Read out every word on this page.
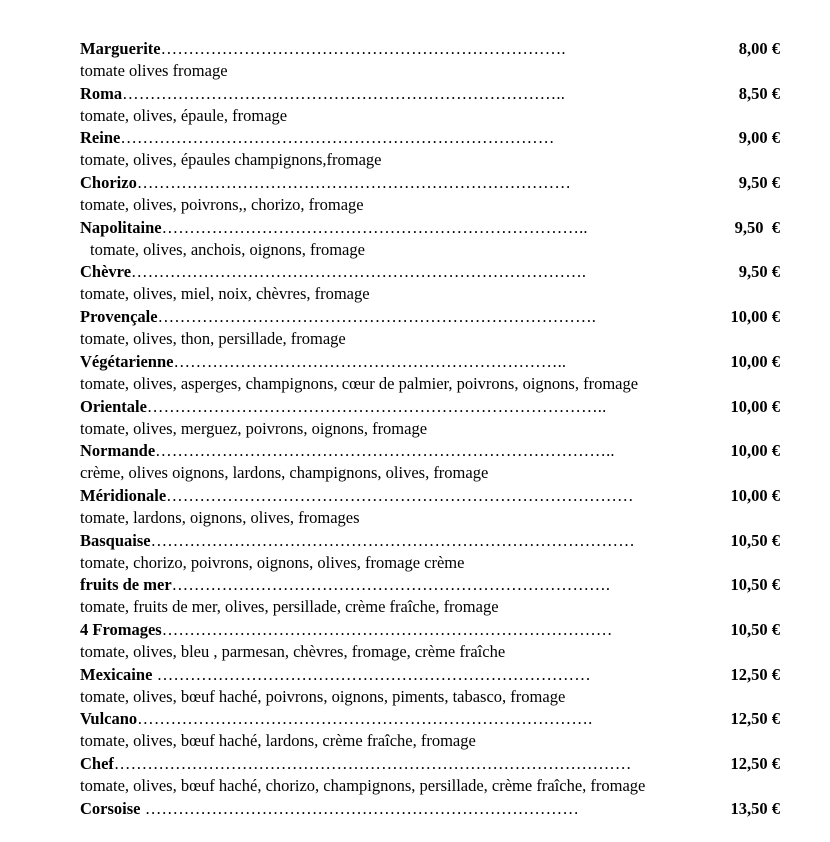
Marguerite……………………………………………………………….	8,00 €
tomate olives fromage
Roma……………………………………………………………………..	8,50 €
tomate, olives, épaule, fromage
Reine……………………………………………………………………	9,00 €
tomate, olives, épaules champignons,fromage
Chorizo……………………………………………………………………	9,50 €
tomate, olives, poivrons,, chorizo, fromage
Napolitaine…………………………………………………………………..	9,50  €
tomate, olives, anchois, oignons, fromage
Chèvre……………………………………………………………………….	9,50 €
tomate, olives, miel, noix, chèvres, fromage
Provençale…………………………………………………………………….	10,00 €
tomate, olives, thon, persillade, fromage
Végétarienne……………………………………………………………..	10,00 €
tomate, olives, asperges, champignons, cœur de palmier, poivrons, oignons, fromage
Orientale………………………………………………………………………..	10,00 €
tomate, olives, merguez, poivrons, oignons, fromage
Normande………………………………………………………………………..	10,00 €
crème, olives oignons, lardons, champignons, olives, fromage
Méridionale…………………………………………………………………………	10,00 €
tomate, lardons, oignons, olives, fromages
Basquaise……………………………………………………………………………	10,50 €
tomate, chorizo, poivrons, oignons, olives, fromage crème
fruits de mer…………………………………………………………………….	10,50 €
tomate, fruits de mer, olives, persillade, crème fraîche, fromage
4 Fromages………………………………………………………………………	10,50 €
tomate, olives, bleu , parmesan, chèvres, fromage, crème fraîche
Mexicaine ……………………………………………………………………	12,50 €
tomate, olives, bœuf haché, poivrons, oignons, piments, tabasco, fromage
Vulcano……………………………………………………………………….	12,50 €
tomate, olives, bœuf haché, lardons, crème fraîche, fromage
Chef…………………………………………………………………………………	12,50 €
tomate, olives, bœuf haché, chorizo, champignons, persillade, crème fraîche, fromage
Corsoise ……………………………………………………………………	13,50 €
